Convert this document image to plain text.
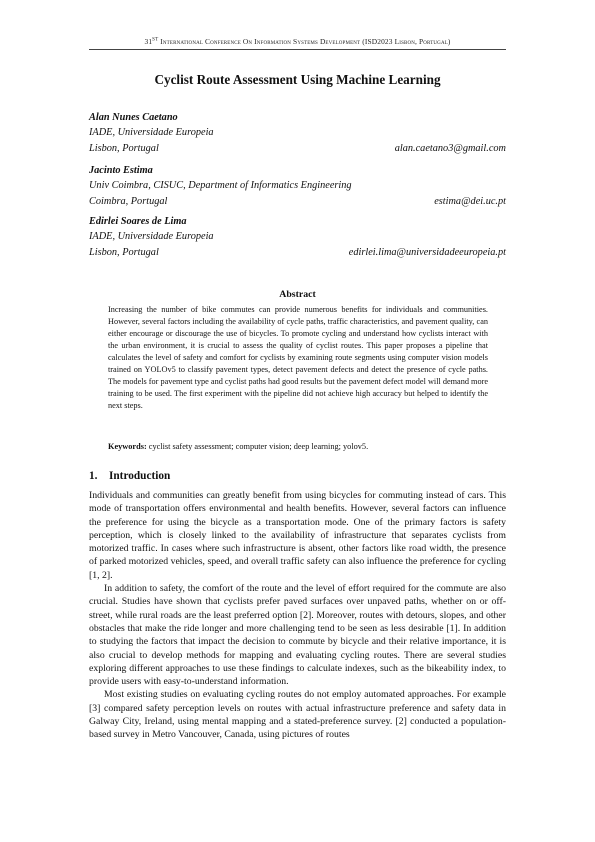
31ST International Conference On Information Systems Development (ISD2023 Lisbon, Portugal)
Cyclist Route Assessment Using Machine Learning
Alan Nunes Caetano
IADE, Universidade Europeia
Lisbon, Portugal	alan.caetano3@gmail.com
Jacinto Estima
Univ Coimbra, CISUC, Department of Informatics Engineering
Coimbra, Portugal	estima@dei.uc.pt
Edirlei Soares de Lima
IADE, Universidade Europeia
Lisbon, Portugal	edirlei.lima@universidadeeuropeia.pt
Abstract
Increasing the number of bike commutes can provide numerous benefits for individuals and communities. However, several factors including the availability of cycle paths, traffic characteristics, and pavement quality, can either encourage or discourage the use of bicycles. To promote cycling and understand how cyclists interact with the urban environment, it is crucial to assess the quality of cyclist routes. This paper proposes a pipeline that calculates the level of safety and comfort for cyclists by examining route segments using computer vision models trained on YOLOv5 to classify pavement types, detect pavement defects and detect the presence of cycle paths. The models for pavement type and cyclist paths had good results but the pavement defect model will demand more training to be used. The first experiment with the pipeline did not achieve high accuracy but helped to identify the next steps.
Keywords: cyclist safety assessment; computer vision; deep learning; yolov5.
1. Introduction

Individuals and communities can greatly benefit from using bicycles for commuting instead of cars. This mode of transportation offers environmental and health benefits. However, several factors can influence the preference for using the bicycle as a transportation mode. One of the primary factors is safety perception, which is closely linked to the availability of infrastructure that separates cyclists from motorized traffic. In cases where such infrastructure is absent, other factors like road width, the presence of parked motorized vehicles, speed, and overall traffic safety can also influence the preference for cycling [1, 2].

In addition to safety, the comfort of the route and the level of effort required for the commute are also crucial. Studies have shown that cyclists prefer paved surfaces over unpaved paths, whether on or off-street, while rural roads are the least preferred option [2]. Moreover, routes with detours, slopes, and other obstacles that make the ride longer and more challenging tend to be seen as less desirable [1]. In addition to studying the factors that impact the decision to commute by bicycle and their relative importance, it is also crucial to develop methods for mapping and evaluating cycling routes. There are several studies exploring different approaches to use these findings to calculate indexes, such as the bikeability index, to provide users with easy-to-understand information.

Most existing studies on evaluating cycling routes do not employ automated approaches. For example [3] compared safety perception levels on routes with actual infrastructure preference and safety data in Galway City, Ireland, using mental mapping and a stated-preference survey. [2] conducted a population-based survey in Metro Vancouver, Canada, using pictures of routes
